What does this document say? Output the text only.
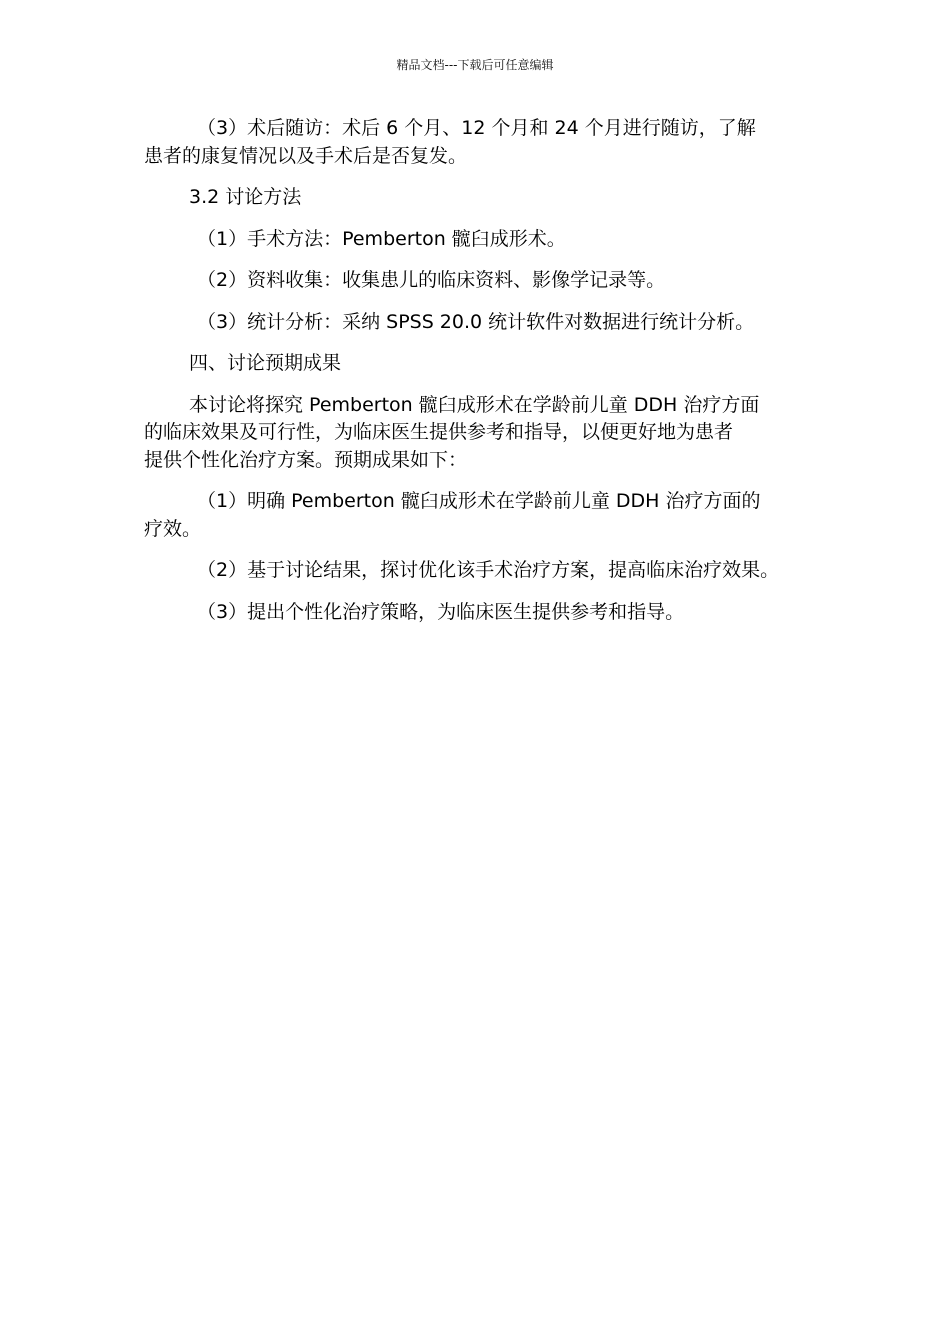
精品文档---下载后可任意编辑

（3）术后随访：术后 6 个月、12 个月和 24 个月进行随访，了解
患者的康复情况以及手术后是否复发。

3.2 讨论方法

（1）手术方法：Pemberton 髋臼成形术。

（2）资料收集：收集患儿的临床资料、影像学记录等。

（3）统计分析：采纳 SPSS 20.0 统计软件对数据进行统计分析。

四、讨论预期成果

本讨论将探究 Pemberton 髋臼成形术在学龄前儿童 DDH 治疗方面
的临床效果及可行性，为临床医生提供参考和指导，以便更好地为患者
提供个性化治疗方案。预期成果如下：

（1）明确 Pemberton 髋臼成形术在学龄前儿童 DDH 治疗方面的
疗效。

（2）基于讨论结果，探讨优化该手术治疗方案，提高临床治疗效果。

（3）提出个性化治疗策略，为临床医生提供参考和指导。
